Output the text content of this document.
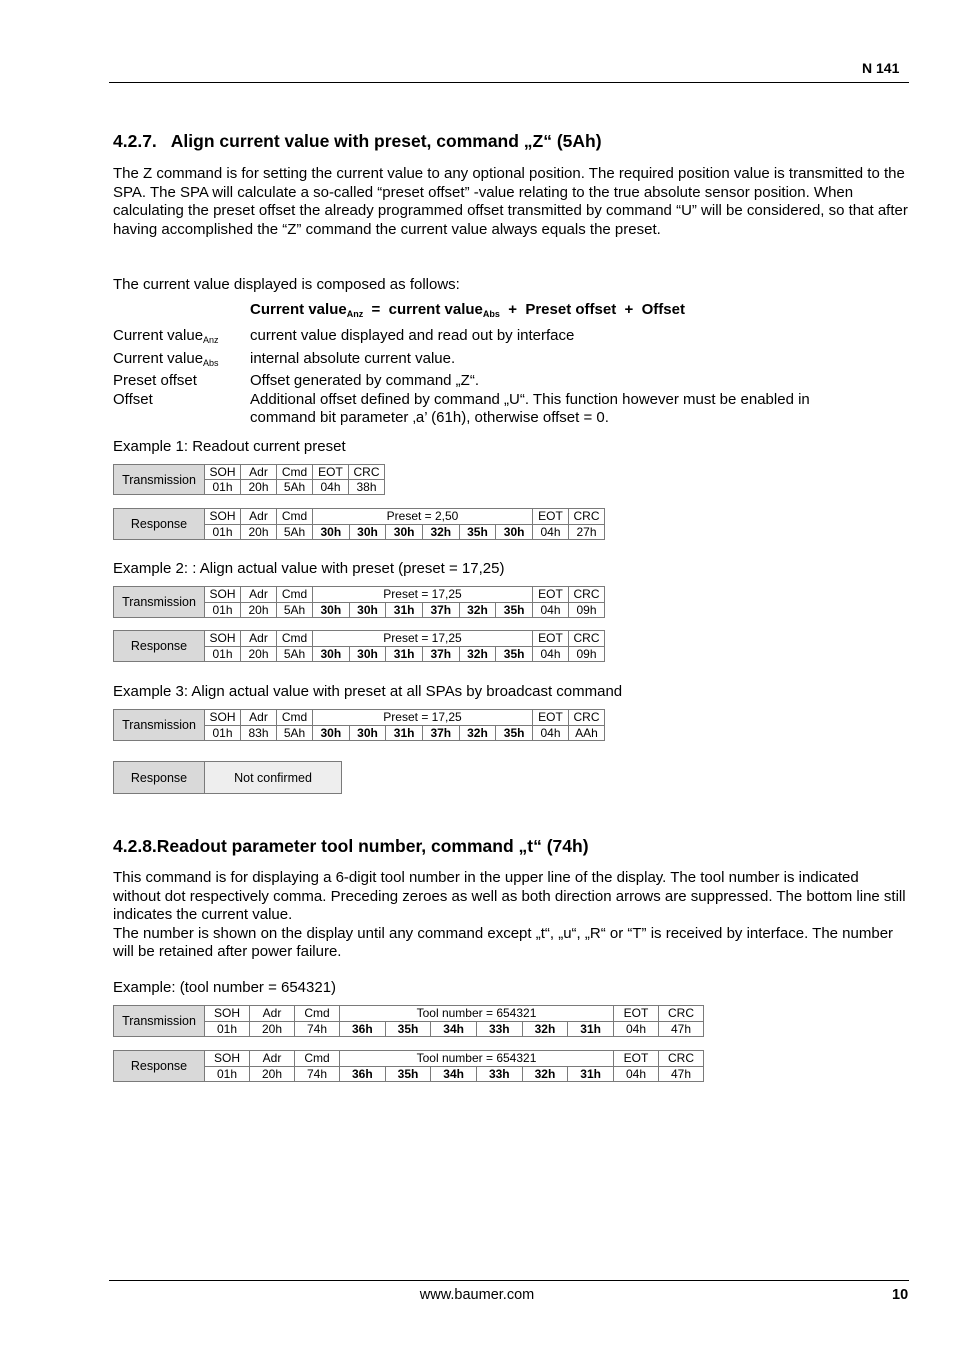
N 141
4.2.7. Align current value with preset, command „Z“ (5Ah)

The Z command is for setting the current value to any optional position. The required position value is transmitted to the SPA. The SPA will calculate a so-called “preset offset” -value relating to the true absolute sensor position. When calculating the preset offset the already programmed offset transmitted by command “U” will be considered, so that after having accomplished the “Z” command the current value always equals the preset.

The current value displayed is composed as follows:

Current value$_{Anz}$ = current value$_{Abs}$ +  Preset offset  +  Offset
Current value$_{Anz}$	current value displayed and read out by interface
Current value$_{Abs}$	internal absolute current value.
Preset offset	Offset generated by command „Z“.
Offset	Additional offset defined by command „U“. This function however must be enabled in command bit parameter ‚a’ (61h), otherwise offset = 0.
Example 1: Readout current preset
Transmission	SOH	Adr	Cmd	EOT	CRC
	01h	20h	5Ah	04h	38h
Response	SOH	Adr	Cmd	Preset = 2,50						EOT	CRC
	01h	20h	5Ah	30h	30h	30h	32h	35h	30h	04h	27h
Example 2: : Align actual value with preset (preset = 17,25)
Transmission	SOH	Adr	Cmd	Preset = 17,25						EOT	CRC
	01h	20h	5Ah	30h	30h	31h	37h	32h	35h	04h	09h
Response	SOH	Adr	Cmd	Preset = 17,25						EOT	CRC
	01h	20h	5Ah	30h	30h	31h	37h	32h	35h	04h	09h
Example 3: Align actual value with preset at all SPAs by broadcast command
Transmission	SOH	Adr	Cmd	Preset = 17,25						EOT	CRC
	01h	83h	5Ah	30h	30h	31h	37h	32h	35h	04h	AAh
Response	Not confirmed
4.2.8.Readout parameter tool number, command „t“ (74h)

This command is for displaying a 6-digit tool number in the upper line of the display. The tool number is indicated without dot respectively comma. Preceding zeroes as well as both direction arrows are suppressed. The bottom line still indicates the current value.

The number is shown on the display until any command except „t“, „u“, „R“ or “T” is received by interface. The number will be retained after power failure.

Example: (tool number = 654321)
Transmission	SOH	Adr	Cmd	Tool number = 654321						EOT	CRC
	01h	20h	74h	36h	35h	34h	33h	32h	31h	04h	47h
Response	SOH	Adr	Cmd	Tool number = 654321						EOT	CRC
	01h	20h	74h	36h	35h	34h	33h	32h	31h	04h	47h
www.baumer.com	10
